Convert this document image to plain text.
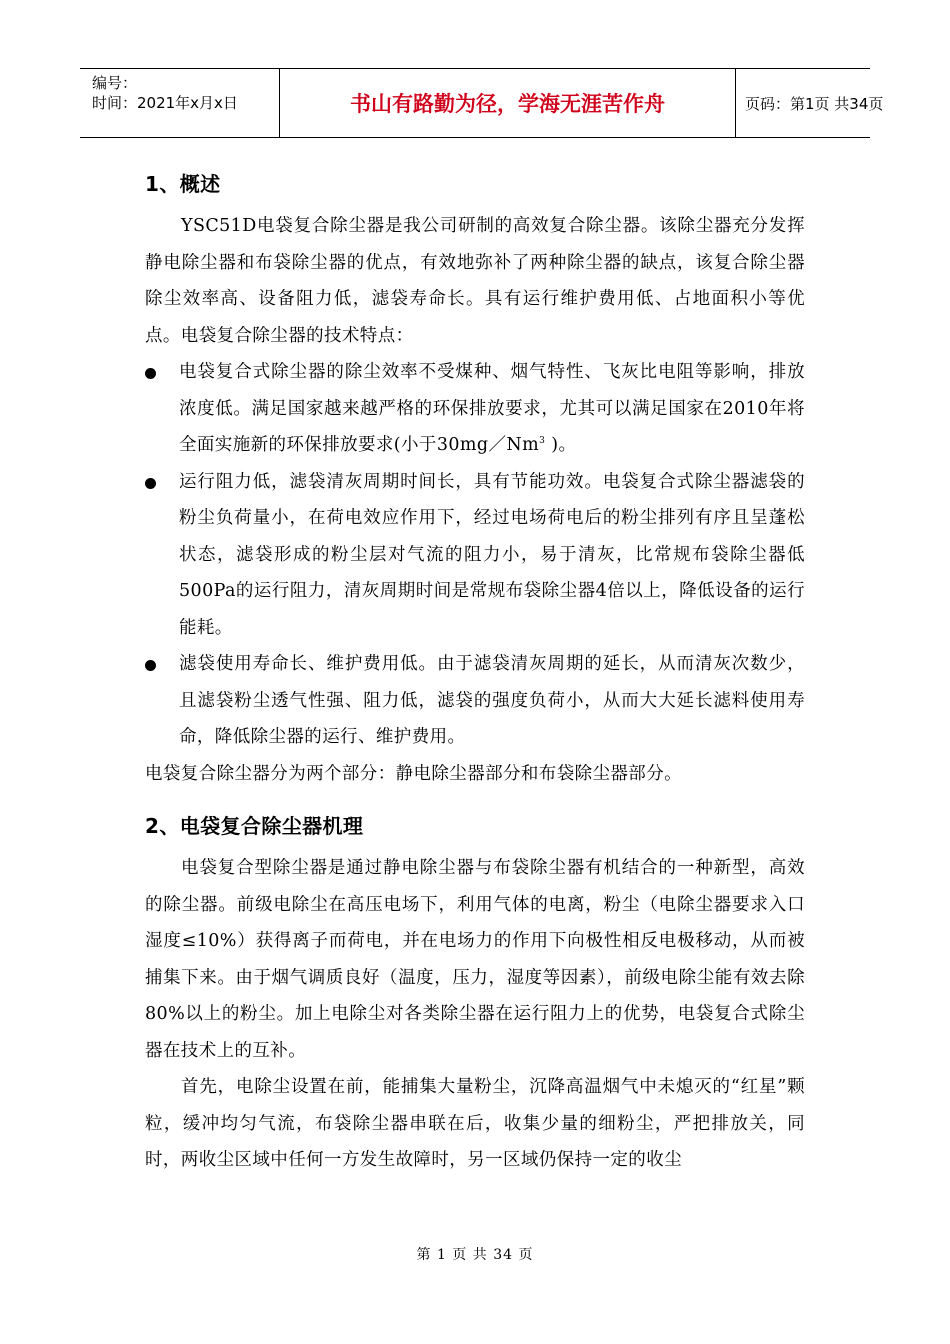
编号：
时间：2021年x月x日	书山有路勤为径，学海无涯苦作舟	页码：第1页 共34页
1、概述

YSC51D电袋复合除尘器是我公司研制的高效复合除尘器。该除尘器充分发挥静电除尘器和布袋除尘器的优点，有效地弥补了两种除尘器的缺点，该复合除尘器除尘效率高、设备阻力低，滤袋寿命长。具有运行维护费用低、占地面积小等优点。电袋复合除尘器的技术特点：

电袋复合式除尘器的除尘效率不受煤种、烟气特性、飞灰比电阻等影响，排放浓度低。满足国家越来越严格的环保排放要求，尤其可以满足国家在2010年将全面实施新的环保排放要求(小于30mg／Nm$^3$ )。
运行阻力低，滤袋清灰周期时间长，具有节能功效。电袋复合式除尘器滤袋的粉尘负荷量小，在荷电效应作用下，经过电场荷电后的粉尘排列有序且呈蓬松状态，滤袋形成的粉尘层对气流的阻力小，易于清灰，比常规布袋除尘器低500Pa的运行阻力，清灰周期时间是常规布袋除尘器4倍以上，降低设备的运行能耗。
滤袋使用寿命长、维护费用低。由于滤袋清灰周期的延长，从而清灰次数少，且滤袋粉尘透气性强、阻力低，滤袋的强度负荷小，从而大大延长滤料使用寿命，降低除尘器的运行、维护费用。

电袋复合除尘器分为两个部分：静电除尘器部分和布袋除尘器部分。

2、电袋复合除尘器机理

电袋复合型除尘器是通过静电除尘器与布袋除尘器有机结合的一种新型，高效的除尘器。前级电除尘在高压电场下，利用气体的电离，粉尘（电除尘器要求入口湿度≤10%）获得离子而荷电，并在电场力的作用下向极性相反电极移动，从而被捕集下来。由于烟气调质良好（温度，压力，湿度等因素），前级电除尘能有效去除80%以上的粉尘。加上电除尘对各类除尘器在运行阻力上的优势，电袋复合式除尘器在技术上的互补。

首先，电除尘设置在前，能捕集大量粉尘，沉降高温烟气中未熄灭的“红星”颗粒，缓冲均匀气流，布袋除尘器串联在后，收集少量的细粉尘，严把排放关，同时，两收尘区域中任何一方发生故障时，另一区域仍保持一定的收尘

第 1 页 共 34 页
